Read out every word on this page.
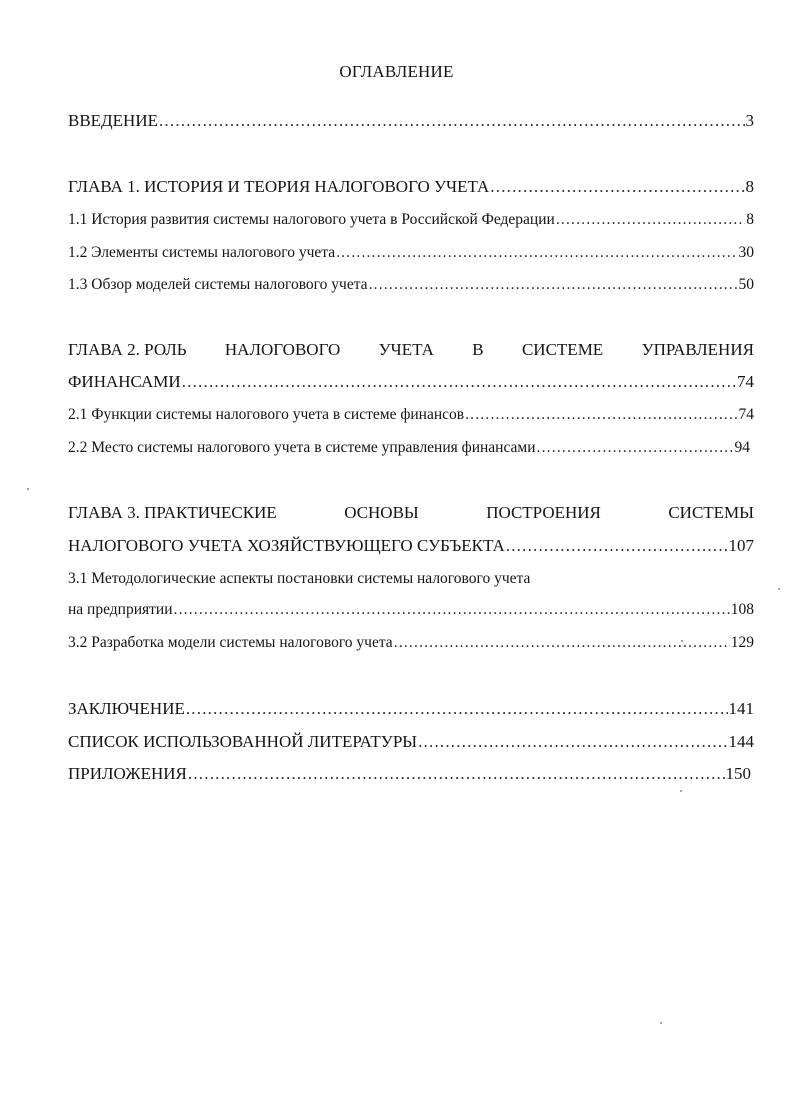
ОГЛАВЛЕНИЕ
ВВЕДЕНИЕ .....	3
ГЛАВА 1. ИСТОРИЯ И ТЕОРИЯ НАЛОГОВОГО УЧЕТА .....	8
1.1 История развития системы налогового учета в Российской Федерации .....	8
1.2 Элементы системы налогового учета .....	30
1.3 Обзор моделей системы налогового учета .....	50
ГЛАВА 2. РОЛЬ НАЛОГОВОГО УЧЕТА В СИСТЕМЕ УПРАВЛЕНИЯ
ФИНАНСАМИ .....	74
2.1 Функции системы налогового учета в системе финансов .....	74
2.2 Место системы налогового учета в системе управления финансами .....	94
ГЛАВА 3. ПРАКТИЧЕСКИЕ	ОСНОВЫ	ПОСТРОЕНИЯ	СИСТЕМЫ
НАЛОГОВОГО УЧЕТА ХОЗЯЙСТВУЮЩЕГО СУБЪЕКТА .....	107
3.1 Методологические аспекты постановки системы налогового учета
на предприятии .....	108
3.2 Разработка модели системы налогового учета .....	129
ЗАКЛЮЧЕНИЕ .....	141
СПИСОК ИСПОЛЬЗОВАННОЙ ЛИТЕРАТУРЫ .....	144
ПРИЛОЖЕНИЯ .....	150
